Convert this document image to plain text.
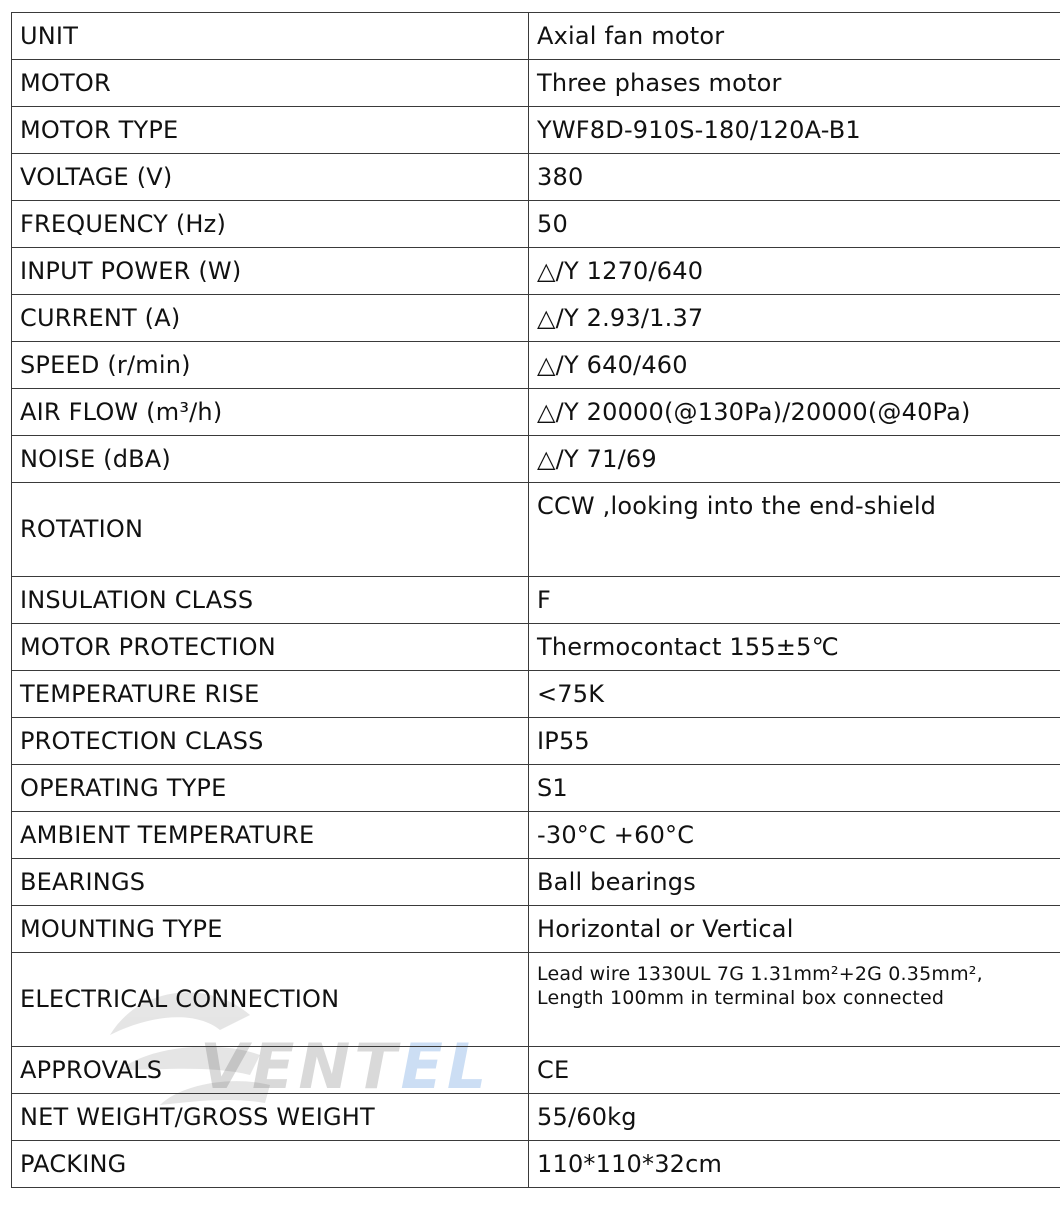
VENTEL
UNIT	Axial fan motor
MOTOR	Three phases motor
MOTOR TYPE	YWF8D-910S-180/120A-B1
VOLTAGE (V)	380
FREQUENCY (Hz)	50
INPUT POWER (W)	△/Y 1270/640
CURRENT (A)	△/Y 2.93/1.37
SPEED (r/min)	△/Y 640/460
AIR FLOW (m³/h)	△/Y 20000(@130Pa)/20000(@40Pa)
NOISE (dBA)	△/Y 71/69
ROTATION	CCW ,looking into the end-shield
INSULATION CLASS	F
MOTOR PROTECTION	Thermocontact 155±5℃
TEMPERATURE RISE	<75K
PROTECTION CLASS	IP55
OPERATING TYPE	S1
AMBIENT TEMPERATURE	-30°C +60°C
BEARINGS	Ball bearings
MOUNTING TYPE	Horizontal or Vertical
ELECTRICAL CONNECTION	Lead wire 1330UL 7G 1.31mm²+2G 0.35mm²,
Length 100mm in terminal box connected

APPROVALS	CE
NET WEIGHT/GROSS WEIGHT	55/60kg
PACKING	110*110*32cm
